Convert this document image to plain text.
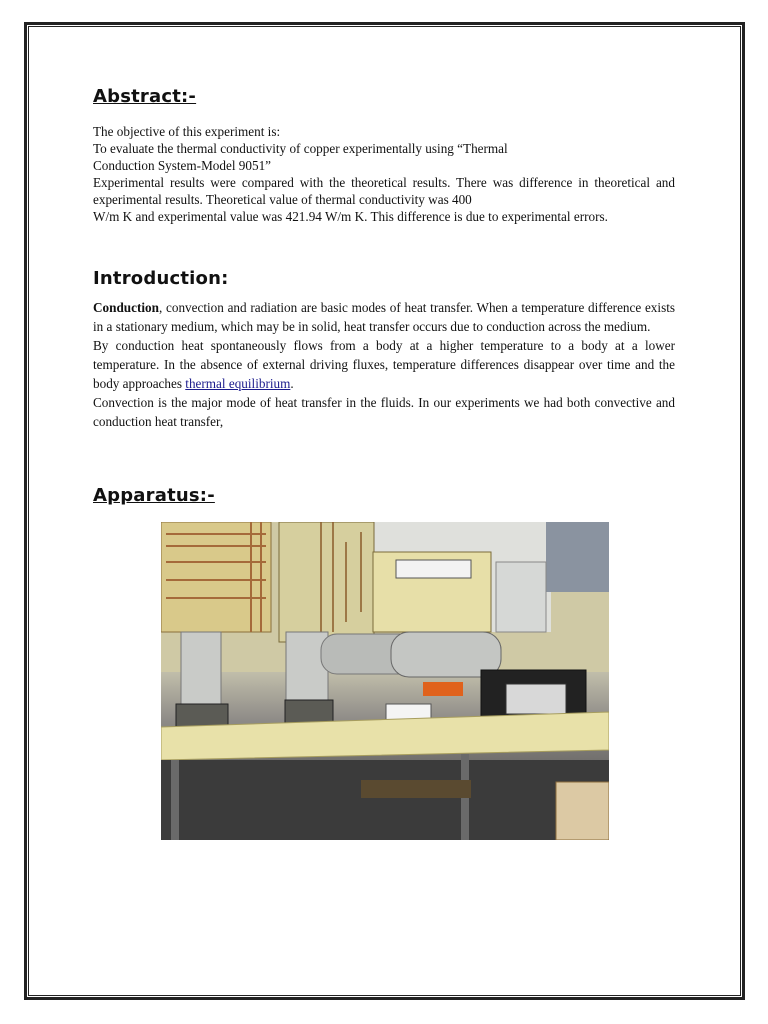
Abstract:-

The objective of this experiment is:

To evaluate the thermal conductivity of copper experimentally using “Thermal

Conduction System-Model 9051”

Experimental results were compared with the theoretical results. There was difference in theoretical and experimental results. Theoretical value of thermal conductivity was 400

W/m K and experimental value was 421.94 W/m K. This difference is due to experimental errors.

Introduction:

Conduction, convection and radiation are basic modes of heat transfer. When a temperature difference exists in a stationary medium, which may be in solid, heat transfer occurs due to conduction across the medium.

By conduction heat spontaneously flows from a body at a higher temperature to a body at a lower temperature. In the absence of external driving fluxes, temperature differences disappear over time and the body approaches thermal equilibrium.

Convection is the major mode of heat transfer in the fluids. In our experiments we had both convective and conduction heat transfer,

Apparatus:-
